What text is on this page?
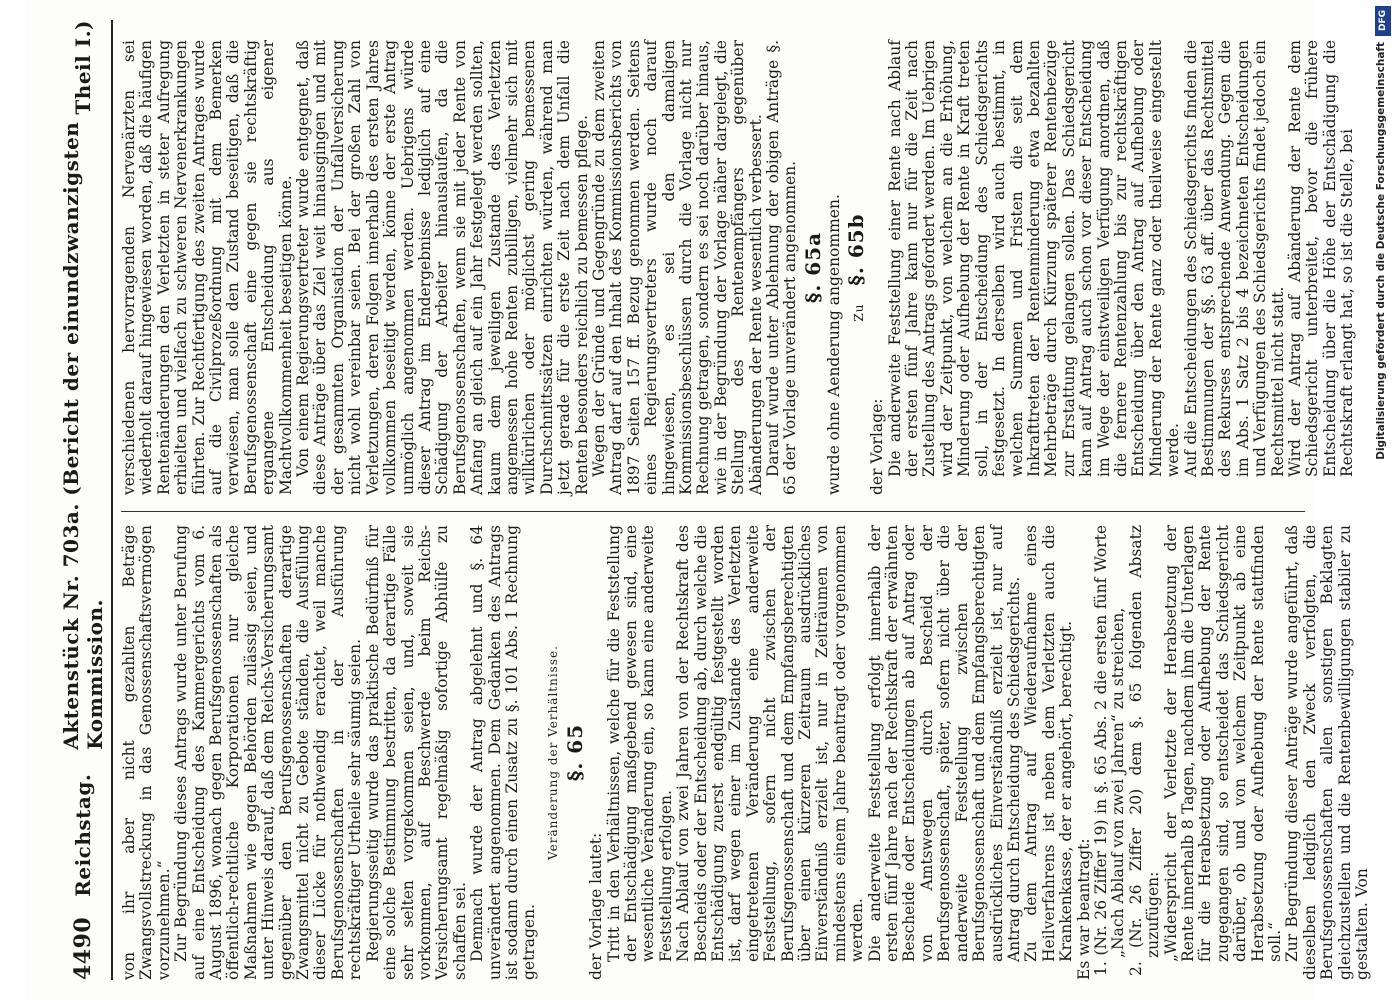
4490
Reichstag.
Aktenstück Nr. 703a. (Bericht der einundzwanzigsten Kommission.
Theil I.)

von ihr aber nicht gezahlten Beträge Zwangsvollstreckung in das Genossenschaftsvermögen vorzunehmen.“ Zur Begründung dieses Antrags wurde unter Berufung auf eine Entscheidung des Kammergerichts vom 6. August 1896, wonach gegen Berufsgenossenschaften als öffentlich-rechtliche Korporationen nur gleiche Maßnahmen wie gegen Behörden zulässig seien, und unter Hinweis darauf, daß dem Reichs-Versicherungsamt gegenüber den Berufsgenossenschaften derartige Zwangsmittel nicht zu Gebote ständen, die Ausfüllung dieser Lücke für nothwendig erachtet, weil manche Berufsgenossenschaften in der Ausführung rechtskräftiger Urtheile sehr säumig seien. Regierungsseitig wurde das praktische Bedürfniß für eine solche Bestimmung bestritten, da derartige Fälle sehr selten vorgekommen seien, und, soweit sie vorkommen, auf Beschwerde beim Reichs-Versicherungsamt regelmäßig sofortige Abhülfe zu schaffen sei. Demnach wurde der Antrag abgelehnt und §. 64 unverändert angenommen. Dem Gedanken des Antrags ist sodann durch einen Zusatz zu §. 101 Abs. 1 Rechnung getragen.

Veränderung der Verhältnisse. §. 65

der Vorlage lautet: Tritt in den Verhältnissen, welche für die Feststellung der Entschädigung maßgebend gewesen sind, eine wesentliche Veränderung ein, so kann eine anderweite Feststellung erfolgen. Nach Ablauf von zwei Jahren von der Rechtskraft des Bescheids oder der Entscheidung ab, durch welche die Entschädigung zuerst endgültig festgestellt worden ist, darf wegen einer im Zustande des Verletzten eingetretenen Veränderung eine anderweite Feststellung, sofern nicht zwischen der Berufsgenossenschaft und dem Empfangsberechtigten über einen kürzeren Zeitraum ausdrückliches Einverständniß erzielt ist, nur in Zeiträumen von mindestens einem Jahre beantragt oder vorgenommen werden. Die anderweite Feststellung erfolgt innerhalb der ersten fünf Jahre nach der Rechtskraft der erwähnten Bescheide oder Entscheidungen ab auf Antrag oder von Amtswegen durch Bescheid der Berufsgenossenschaft, später, sofern nicht über die anderweite Feststellung zwischen der Berufsgenossenschaft und dem Empfangsberechtigten ausdrückliches Einverständniß erzielt ist, nur auf Antrag durch Entscheidung des Schiedsgerichts. Zu dem Antrag auf Wiederaufnahme eines Heilverfahrens ist neben dem Verletzten auch die Krankenkasse, der er angehört, berechtigt. Es war beantragt: 1. (Nr. 26 Ziffer 19) in §. 65 Abs. 2 die ersten fünf Worte „Nach Ablauf von zwei Jahren“ zu streichen, 2. (Nr. 26 Ziffer 20) dem §. 65 folgenden Absatz zuzufügen: „Widerspricht der Verletzte der Herabsetzung der Rente innerhalb 8 Tagen, nachdem ihm die Unterlagen für die Herabsetzung oder Aufhebung der Rente zugegangen sind, so entscheidet das Schiedsgericht darüber, ob und von welchem Zeitpunkt ab eine Herabsetzung oder Aufhebung der Rente stattfinden soll.“ Zur Begründung dieser Anträge wurde angeführt, daß dieselben lediglich den Zweck verfolgten, die Berufsgenossenschaften allen sonstigen Beklagten gleichzustellen und die Rentenbewilligungen stabiler zu gestalten. Von

verschiedenen hervorragenden Nervenärzten sei wiederholt darauf hingewiesen worden, daß die häufigen Rentenänderungen den Verletzten in steter Aufregung erhielten und vielfach zu schweren Nervenerkrankungen führten. Zur Rechtfertigung des zweiten Antrages wurde auf die Civilprozeßordnung mit dem Bemerken verwiesen, man solle den Zustand beseitigen, daß die Berufsgenossenschaft eine gegen sie rechtskräftig ergangene Entscheidung aus eigener Machtvollkommenheit beseitigen könne. Von einem Regierungsvertreter wurde entgegnet, daß diese Anträge über das Ziel weit hinausgingen und mit der gesammten Organisation der Unfallversicherung nicht wohl vereinbar seien. Bei der großen Zahl von Verletzungen, deren Folgen innerhalb des ersten Jahres vollkommen beseitigt werden, könne der erste Antrag unmöglich angenommen werden. Uebrigens würde dieser Antrag im Endergebnisse lediglich auf eine Schädigung der Arbeiter hinauslaufen, da die Berufsgenossenschaften, wenn sie mit jeder Rente von Anfang an gleich auf ein Jahr festgelegt werden sollten, kaum dem jeweiligen Zustande des Verletzten angemessen hohe Renten zubilligen, vielmehr sich mit willkürlichen oder möglichst gering bemessenen Durchschnittssätzen einrichten würden, während man jetzt gerade für die erste Zeit nach dem Unfall die Renten besonders reichlich zu bemessen pflege. Wegen der Gründe und Gegengründe zu dem zweiten Antrag darf auf den Inhalt des Kommissionsberichts von 1897 Seiten 157 ff. Bezug genommen werden. Seitens eines Regierungsvertreters wurde noch darauf hingewiesen, es sei den damaligen Kommissionsbeschlüssen durch die Vorlage nicht nur Rechnung getragen, sondern es sei noch darüber hinaus, wie in der Begründung der Vorlage näher dargelegt, die Stellung des Rentenempfängers gegenüber Abänderungen der Rente wesentlich verbessert. Darauf wurde unter Ablehnung der obigen Anträge §. 65 der Vorlage unverändert angenommen. §. 65a wurde ohne Aenderung angenommen. Zu
§. 65b

der Vorlage: Die anderweite Feststellung einer Rente nach Ablauf der ersten fünf Jahre kann nur für die Zeit nach Zustellung des Antrags gefordert werden. Im Uebrigen wird der Zeitpunkt, von welchem an die Erhöhung, Minderung oder Aufhebung der Rente in Kraft treten soll, in der Entscheidung des Schiedsgerichts festgesetzt. In derselben wird auch bestimmt, in welchen Summen und Fristen die seit dem Inkrafttreten der Rentenminderung etwa bezahlten Mehrbeträge durch Kürzung späterer Rentenbezüge zur Erstattung gelangen sollen. Das Schiedsgericht kann auf Antrag auch schon vor dieser Entscheidung im Wege der einstweiligen Verfügung anordnen, daß die fernere Rentenzahlung bis zur rechtskräftigen Entscheidung über den Antrag auf Aufhebung oder Minderung der Rente ganz oder theilweise eingestellt werde. Auf die Entscheidungen des Schiedsgerichts finden die Bestimmungen der §§. 63 aff. über das Rechtsmittel des Rekurses entsprechende Anwendung. Gegen die im Abs. 1 Satz 2 bis 4 bezeichneten Entscheidungen und Verfügungen des Schiedsgerichts findet jedoch ein Rechtsmittel nicht statt. Wird der Antrag auf Abänderung der Rente dem Schiedsgericht unterbreitet, bevor die frühere Entscheidung über die Höhe der Entschädigung die Rechtskraft erlangt hat, so ist die Stelle, bei

DFG
Digitalisierung gefördert durch die Deutsche Forschungsgemeinschaft
